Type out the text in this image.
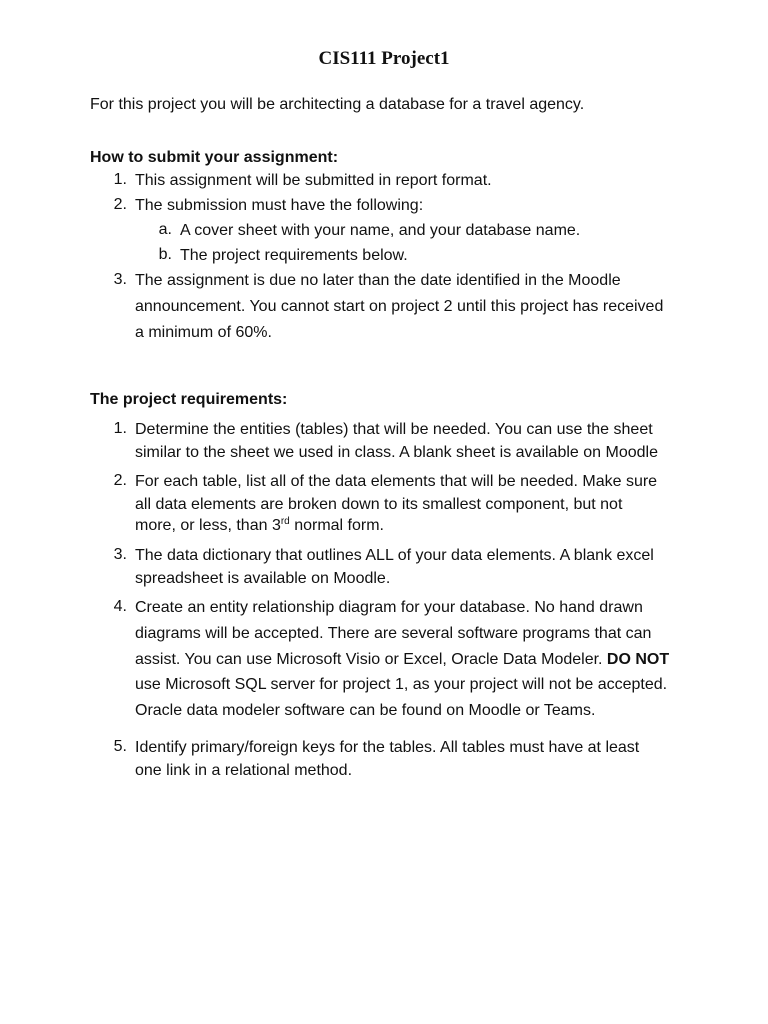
CIS111 Project1
For this project you will be architecting a database for a travel agency.
How to submit your assignment:
1. This assignment will be submitted in report format.
2. The submission must have the following:
a. A cover sheet with your name, and your database name.
b. The project requirements below.
3. The assignment is due no later than the date identified in the Moodle
announcement. You cannot start on project 2 until this project has received
a minimum of 60%.
The project requirements:
1. Determine the entities (tables) that will be needed. You can use the sheet
similar to the sheet we used in class. A blank sheet is available on Moodle
2. For each table, list all of the data elements that will be needed. Make sure
all data elements are broken down to its smallest component, but not
more, or less, than 3rd normal form.
3. The data dictionary that outlines ALL of your data elements. A blank excel
spreadsheet is available on Moodle.
4. Create an entity relationship diagram for your database. No hand drawn
diagrams will be accepted. There are several software programs that can
assist. You can use Microsoft Visio or Excel, Oracle Data Modeler. DO NOT
use Microsoft SQL server for project 1, as your project will not be accepted.
Oracle data modeler software can be found on Moodle or Teams.
5. Identify primary/foreign keys for the tables. All tables must have at least
one link in a relational method.
